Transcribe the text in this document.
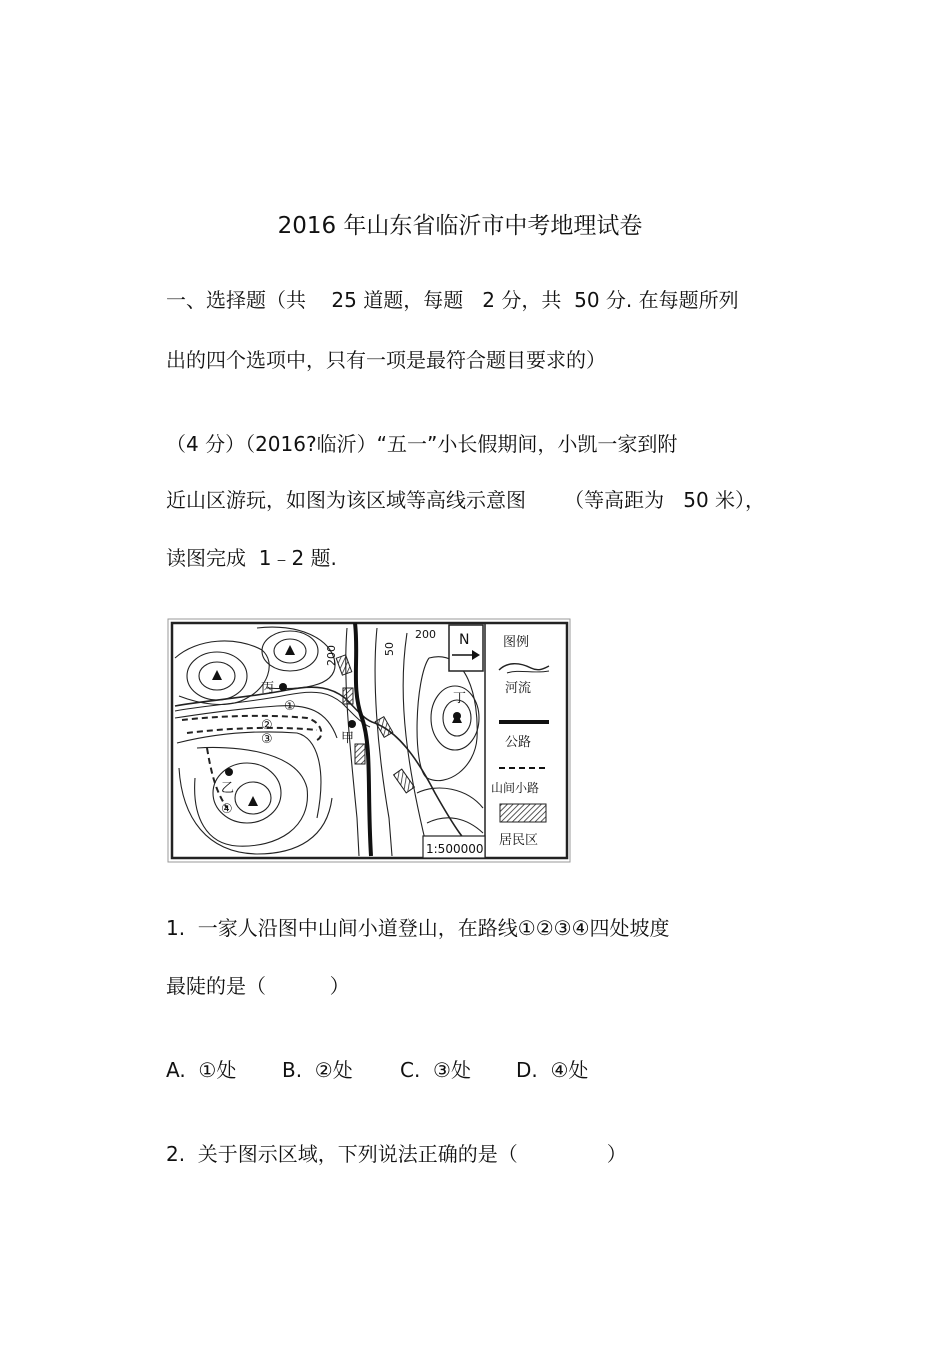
2016 年山东省临沂市中考地理试卷
一、选择题（共    25 道题，每题   2 分，共  50 分. 在每题所列
出的四个选项中，只有一项是最符合题目要求的）
（4 分）（2016?临沂）“五一”小长假期间，小凯一家到附
近山区游玩，如图为该区域等高线示意图      （等高距为   50 米），
读图完成  1﹣2 题.
丙
甲
乙
丁
①
②
③
④
200
200	50
N
1:500000
图例
河流
公路
山间小路
居民区
1.  一家人沿图中山间小道登山，在路线①②③④四处坡度
最陡的是（          ）

A.  ①处

B.  ②处

C.  ③处

D.  ④处

2.  关于图示区域，下列说法正确的是（              ）
